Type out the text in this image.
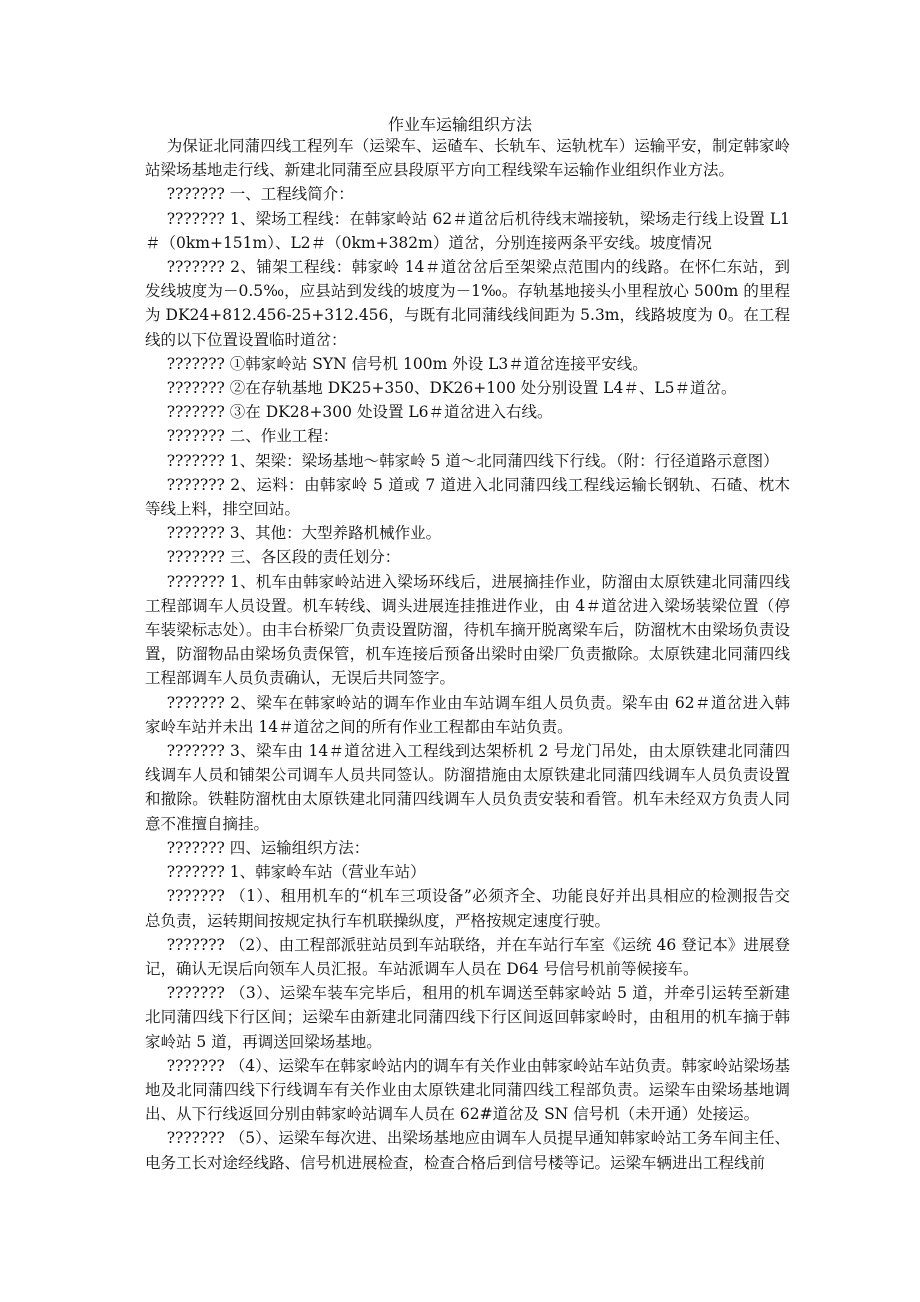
作业车运输组织方法

为保证北同蒲四线工程列车（运梁车、运碴车、长轨车、运轨枕车）运输平安，制定韩家岭站梁场基地走行线、新建北同蒲至应县段原平方向工程线梁车运输作业组织作业方法。

??????? 一、工程线简介：

??????? 1、梁场工程线：在韩家岭站 62＃道岔后机待线末端接轨，梁场走行线上设置 L1＃（0km+151m）、L2＃（0km+382m）道岔，分别连接两条平安线。坡度情况

??????? 2、铺架工程线：韩家岭 14＃道岔岔后至架梁点范围内的线路。在怀仁东站，到发线坡度为－0.5‰，应县站到发线的坡度为－1‰。存轨基地接头小里程放心 500m 的里程为 DK24+812.456-25+312.456，与既有北同蒲线线间距为 5.3m，线路坡度为 0。在工程线的以下位置设置临时道岔：

??????? ①韩家岭站 SYN 信号机 100m 外设 L3＃道岔连接平安线。

??????? ②在存轨基地 DK25+350、DK26+100 处分别设置 L4＃、L5＃道岔。

??????? ③在 DK28+300 处设置 L6＃道岔进入右线。

??????? 二、作业工程：

??????? 1、架梁：梁场基地～韩家岭 5 道～北同蒲四线下行线。（附：行径道路示意图）

??????? 2、运料：由韩家岭 5 道或 7 道进入北同蒲四线工程线运输长钢轨、石碴、枕木等线上料，排空回站。

??????? 3、其他：大型养路机械作业。

??????? 三、各区段的责任划分：

??????? 1、机车由韩家岭站进入梁场环线后，进展摘挂作业，防溜由太原铁建北同蒲四线工程部调车人员设置。机车转线、调头进展连挂推进作业，由 4＃道岔进入梁场装梁位置（停车装梁标志处）。由丰台桥梁厂负责设置防溜，待机车摘开脱离梁车后，防溜枕木由梁场负责设置，防溜物品由梁场负责保管，机车连接后预备出梁时由梁厂负责撤除。太原铁建北同蒲四线工程部调车人员负责确认，无误后共同签字。

??????? 2、梁车在韩家岭站的调车作业由车站调车组人员负责。梁车由 62＃道岔进入韩家岭车站并未出 14＃道岔之间的所有作业工程都由车站负责。

??????? 3、梁车由 14＃道岔进入工程线到达架桥机 2 号龙门吊处，由太原铁建北同蒲四线调车人员和铺架公司调车人员共同签认。防溜措施由太原铁建北同蒲四线调车人员负责设置和撤除。铁鞋防溜枕由太原铁建北同蒲四线调车人员负责安装和看管。机车未经双方负责人同意不准擅自摘挂。

??????? 四、运输组织方法：

??????? 1、韩家岭车站（营业车站）

??????? （1）、租用机车的“机车三项设备”必须齐全、功能良好并出具相应的检测报告交总负责，运转期间按规定执行车机联操纵度，严格按规定速度行驶。

??????? （2）、由工程部派驻站员到车站联络，并在车站行车室《运统 46 登记本》进展登记，确认无误后向领车人员汇报。车站派调车人员在 D64 号信号机前等候接车。

??????? （3）、运梁车装车完毕后，租用的机车调送至韩家岭站 5 道，并牵引运转至新建北同蒲四线下行区间；运梁车由新建北同蒲四线下行区间返回韩家岭时，由租用的机车摘于韩家岭站 5 道，再调送回梁场基地。

??????? （4）、运梁车在韩家岭站内的调车有关作业由韩家岭站车站负责。韩家岭站梁场基地及北同蒲四线下行线调车有关作业由太原铁建北同蒲四线工程部负责。运梁车由梁场基地调出、从下行线返回分别由韩家岭站调车人员在 62#道岔及 SN 信号机（未开通）处接运。

??????? （5）、运梁车每次进、出梁场基地应由调车人员提早通知韩家岭站工务车间主任、电务工长对途经线路、信号机进展检查，检查合格后到信号楼等记。运梁车辆进出工程线前
